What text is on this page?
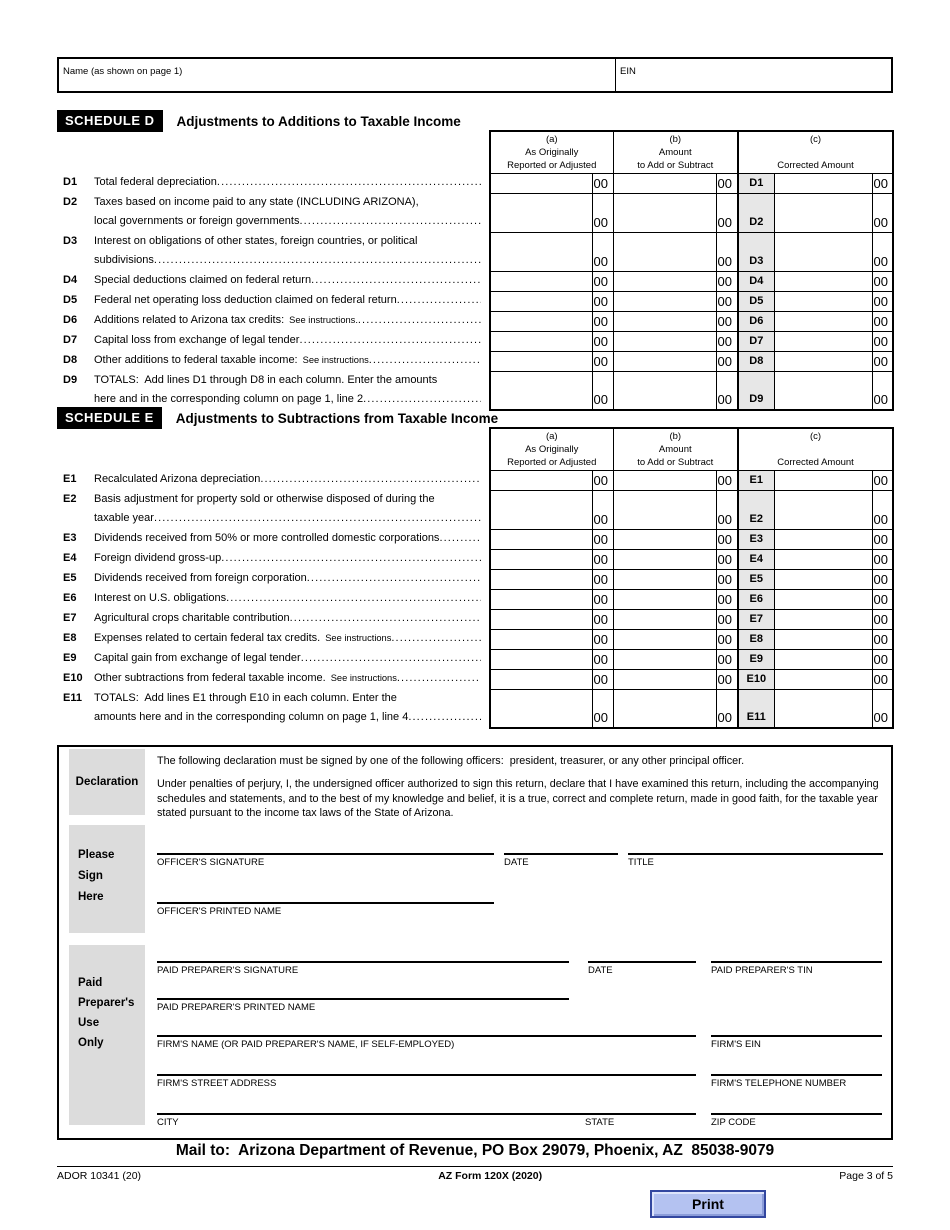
Name (as shown on page 1)	EIN
SCHEDULE D	Adjustments to Additions to Taxable Income

(a)
As Originally
Reported or Adjusted

(b)
Amount
to Add or Subtract

(c)
Corrected Amount

D1 Total federal depreciation
.....		00		00	D1		00

D2 Taxes based on income paid to any state (INCLUDING ARIZONA),
local governments or foreign governments
.....		00		00	D2		00

D3 Interest on obligations of other states, foreign countries, or political
subdivisions
.....		00		00	D3		00

D4 Special deductions claimed on federal return
.....		00		00	D4		00

D5 Federal net operating loss deduction claimed on federal return
.....		00		00	D5		00

D6 Additions related to Arizona tax credits: See instructions.
.....		00		00	D6		00

D7 Capital loss from exchange of legal tender
.....		00		00	D7		00

D8 Other additions to federal taxable income: See instructions
.....		00		00	D8		00

D9 TOTALS:  Add lines D1 through D8 in each column. Enter the amounts
here and in the corresponding column on page 1, line 2
.....		00		00	D9		00
SCHEDULE E	Adjustments to Subtractions from Taxable Income

(a)
As Originally
Reported or Adjusted

(b)
Amount
to Add or Subtract

(c)
Corrected Amount

E1 Recalculated Arizona depreciation
.....		00		00	E1		00

E2 Basis adjustment for property sold or otherwise disposed of during the
taxable year
.....		00		00	E2		00

E3 Dividends received from 50% or more controlled domestic corporations
.....		00		00	E3		00

E4 Foreign dividend gross-up
.....		00		00	E4		00

E5 Dividends received from foreign corporation
.....		00		00	E5		00

E6 Interest on U.S. obligations
.....		00		00	E6		00

E7 Agricultural crops charitable contribution
.....		00		00	E7		00

E8 Expenses related to certain federal tax credits. See instructions
.....		00		00	E8		00

E9 Capital gain from exchange of legal tender
.....		00		00	E9		00

E10 Other subtractions from federal taxable income. See instructions
.....		00		00	E10		00

E11 TOTALS:  Add lines E1 through E10 in each column. Enter the
amounts here and in the corresponding column on page 1, line 4
.....		00		00	E11		00
Declaration
The following declaration must be signed by one of the following officers:  president, treasurer, or any other principal officer.
Under penalties of perjury, I, the undersigned officer authorized to sign this return, declare that I have examined this return, including the accompanying schedules and statements, and to the best of my knowledge and belief, it is a true, correct and complete return, made in good faith, for the taxable year stated pursuant to the income tax laws of the State of Arizona.
Please
Sign
Here
OFFICER'S SIGNATURE	DATE	TITLE
OFFICER'S PRINTED NAME
Paid
Preparer's
Use
Only
PAID PREPARER'S SIGNATURE	DATE	PAID PREPARER'S TIN
PAID PREPARER'S PRINTED NAME
FIRM'S NAME (OR PAID PREPARER'S NAME, IF SELF-EMPLOYED)	FIRM'S EIN
FIRM'S STREET ADDRESS	FIRM'S TELEPHONE NUMBER
CITY	STATE	ZIP CODE
Mail to:  Arizona Department of Revenue, PO Box 29079, Phoenix, AZ  85038-9079
ADOR 10341 (20)	AZ Form 120X (2020)	Page 3 of 5
Print
